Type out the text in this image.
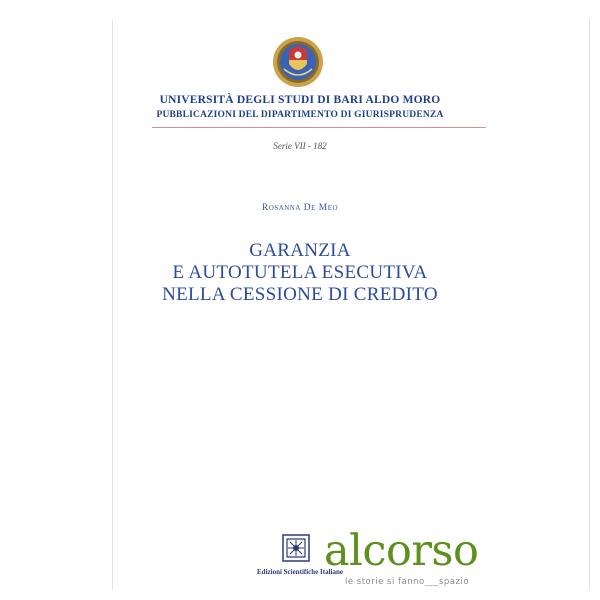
UNIVERSITÀ DEGLI STUDI DI BARI ALDO MORO
PUBBLICAZIONI DEL DIPARTIMENTO DI GIURISPRUDENZA
Serie VII - 182
Rosanna De Meo
GARANZIA
E AUTOTUTELA ESECUTIVA
NELLA CESSIONE DI CREDITO
Edizioni Scientifiche Italiane
alcorso
le storie si fanno___spazio
